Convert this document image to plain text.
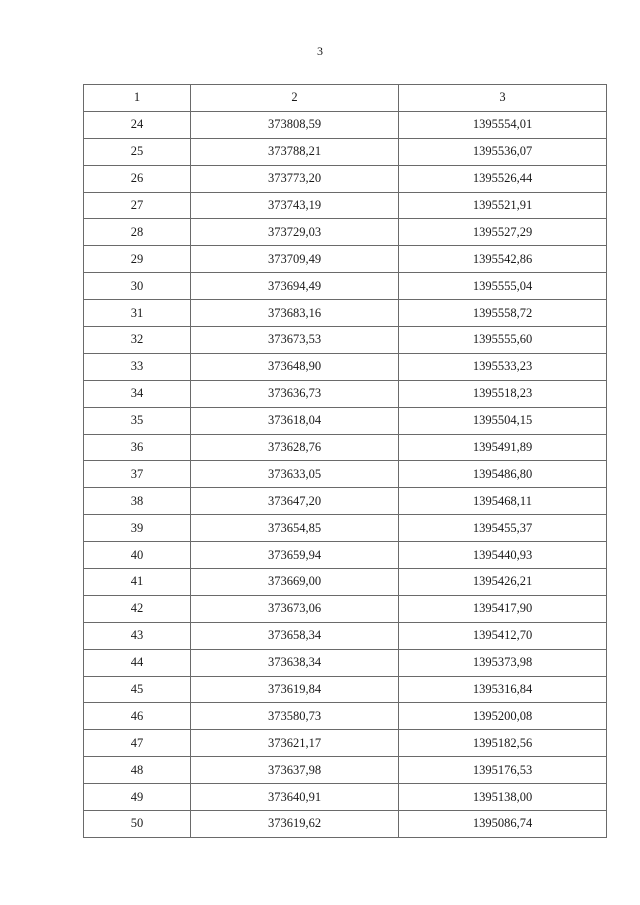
3
1	2	3
24	373808,59	1395554,01
25	373788,21	1395536,07
26	373773,20	1395526,44
27	373743,19	1395521,91
28	373729,03	1395527,29
29	373709,49	1395542,86
30	373694,49	1395555,04
31	373683,16	1395558,72
32	373673,53	1395555,60
33	373648,90	1395533,23
34	373636,73	1395518,23
35	373618,04	1395504,15
36	373628,76	1395491,89
37	373633,05	1395486,80
38	373647,20	1395468,11
39	373654,85	1395455,37
40	373659,94	1395440,93
41	373669,00	1395426,21
42	373673,06	1395417,90
43	373658,34	1395412,70
44	373638,34	1395373,98
45	373619,84	1395316,84
46	373580,73	1395200,08
47	373621,17	1395182,56
48	373637,98	1395176,53
49	373640,91	1395138,00
50	373619,62	1395086,74
